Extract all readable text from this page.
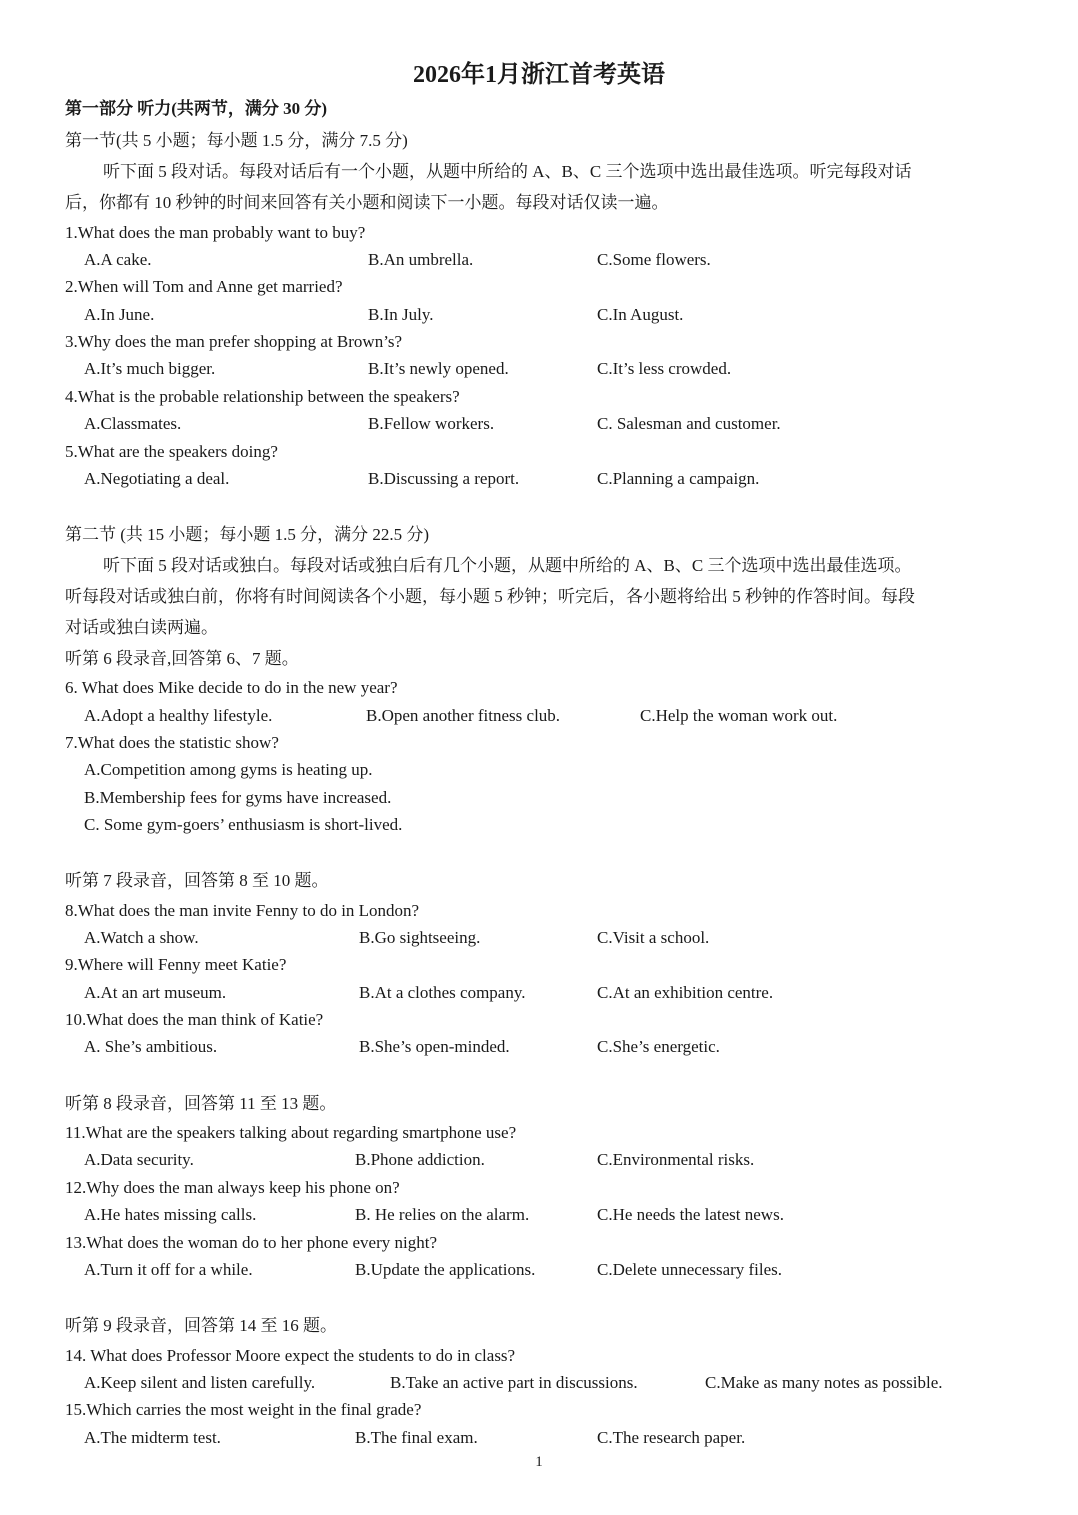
2026年1月浙江首考英语
第一部分 听力(共两节，满分 30 分)
第一节(共 5 小题；每小题 1.5 分，满分 7.5 分)
听下面 5 段对话。每段对话后有一个小题，从题中所给的 A、B、C 三个选项中选出最佳选项。听完每段对话
后，你都有 10 秒钟的时间来回答有关小题和阅读下一小题。每段对话仅读一遍。
1.What does the man probably want to buy?
A.A cake.	B.An umbrella.	C.Some flowers.
2.When will Tom and Anne get married?
A.In June.	B.In July.	C.In August.
3.Why does the man prefer shopping at Brown’s?
A.It’s much bigger.	B.It’s newly opened.	C.It’s less crowded.
4.What is the probable relationship between the speakers?
A.Classmates.	B.Fellow workers.	C. Salesman and customer.
5.What are the speakers doing?
A.Negotiating a deal.	B.Discussing a report.	C.Planning a campaign.
第二节 (共 15 小题；每小题 1.5 分，满分 22.5 分)
听下面 5 段对话或独白。每段对话或独白后有几个小题，从题中所给的 A、B、C 三个选项中选出最佳选项。
听每段对话或独白前，你将有时间阅读各个小题，每小题 5 秒钟；听完后，各小题将给出 5 秒钟的作答时间。每段
对话或独白读两遍。
听第 6 段录音,回答第 6、7 题。
6. What does Mike decide to do in the new year?
A.Adopt a healthy lifestyle.	B.Open another fitness club.	C.Help the woman work out.
7.What does the statistic show?
A.Competition among gyms is heating up.
B.Membership fees for gyms have increased.
C. Some gym-goers’ enthusiasm is short-lived.
听第 7 段录音，回答第 8 至 10 题。
8.What does the man invite Fenny to do in London?
A.Watch a show.	B.Go sightseeing.	C.Visit a school.
9.Where will Fenny meet Katie?
A.At an art museum.	B.At a clothes company.	C.At an exhibition centre.
10.What does the man think of Katie?
A. She’s ambitious.	B.She’s open-minded.	C.She’s energetic.
听第 8 段录音，回答第 11 至 13 题。
11.What are the speakers talking about regarding smartphone use?
A.Data security.	B.Phone addiction.	C.Environmental risks.
12.Why does the man always keep his phone on?
A.He hates missing calls.	B. He relies on the alarm.	C.He needs the latest news.
13.What does the woman do to her phone every night?
A.Turn it off for a while.	B.Update the applications.	C.Delete unnecessary files.
听第 9 段录音，回答第 14 至 16 题。
14. What does Professor Moore expect the students to do in class?
A.Keep silent and listen carefully.	B.Take an active part in discussions.	C.Make as many notes as possible.
15.Which carries the most weight in the final grade?
A.The midterm test.	B.The final exam.	C.The research paper.
1
